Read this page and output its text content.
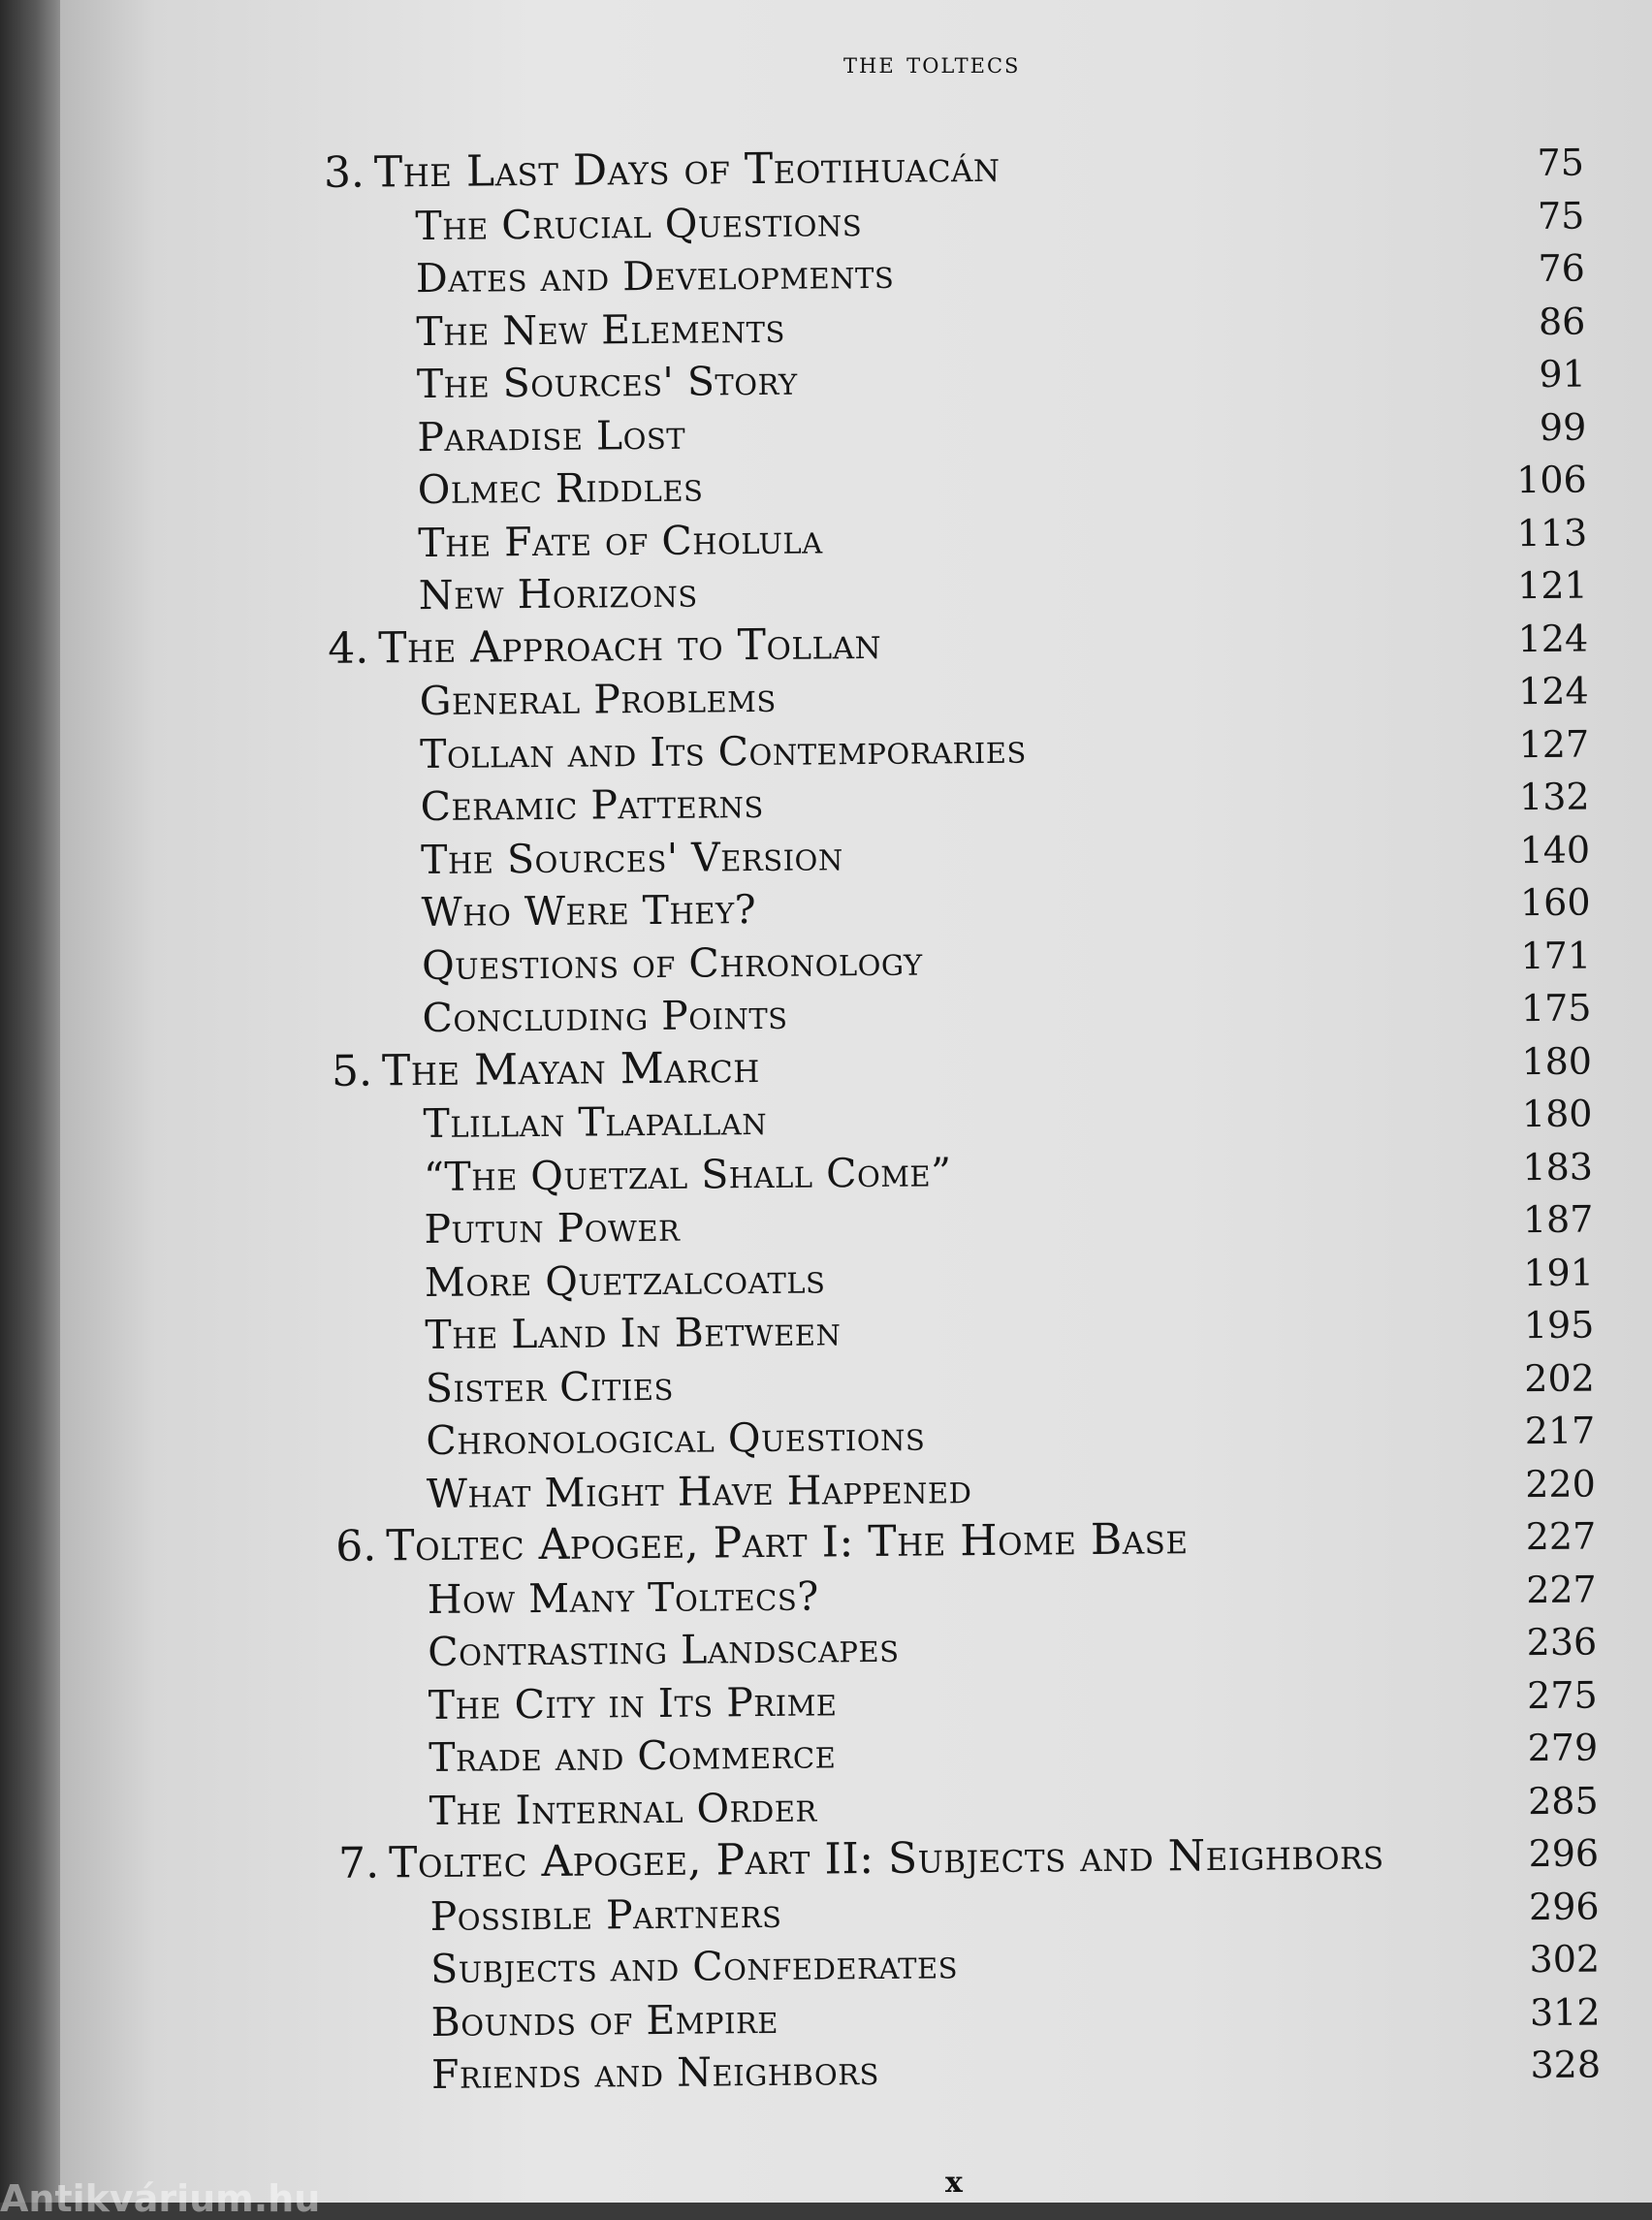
the toltecs
3. The Last Days of Teotihuacán	75
The Crucial Questions	75
Dates and Developments	76
The New Elements	86
The Sources' Story	91
Paradise Lost	99
Olmec Riddles	106
The Fate of Cholula	113
New Horizons	121
4. The Approach to Tollan	124
General Problems	124
Tollan and Its Contemporaries	127
Ceramic Patterns	132
The Sources' Version	140
Who Were They?	160
Questions of Chronology	171
Concluding Points	175
5. The Mayan March	180
Tlillan Tlapallan	180
“The Quetzal Shall Come”	183
Putun Power	187
More Quetzalcoatls	191
The Land In Between	195
Sister Cities	202
Chronological Questions	217
What Might Have Happened	220
6. Toltec Apogee, Part I: The Home Base	227
How Many Toltecs?	227
Contrasting Landscapes	236
The City in Its Prime	275
Trade and Commerce	279
The Internal Order	285
7. Toltec Apogee, Part II: Subjects and Neighbors	296
Possible Partners	296
Subjects and Confederates	302
Bounds of Empire	312
Friends and Neighbors	328
x
Antikvárium.hu
